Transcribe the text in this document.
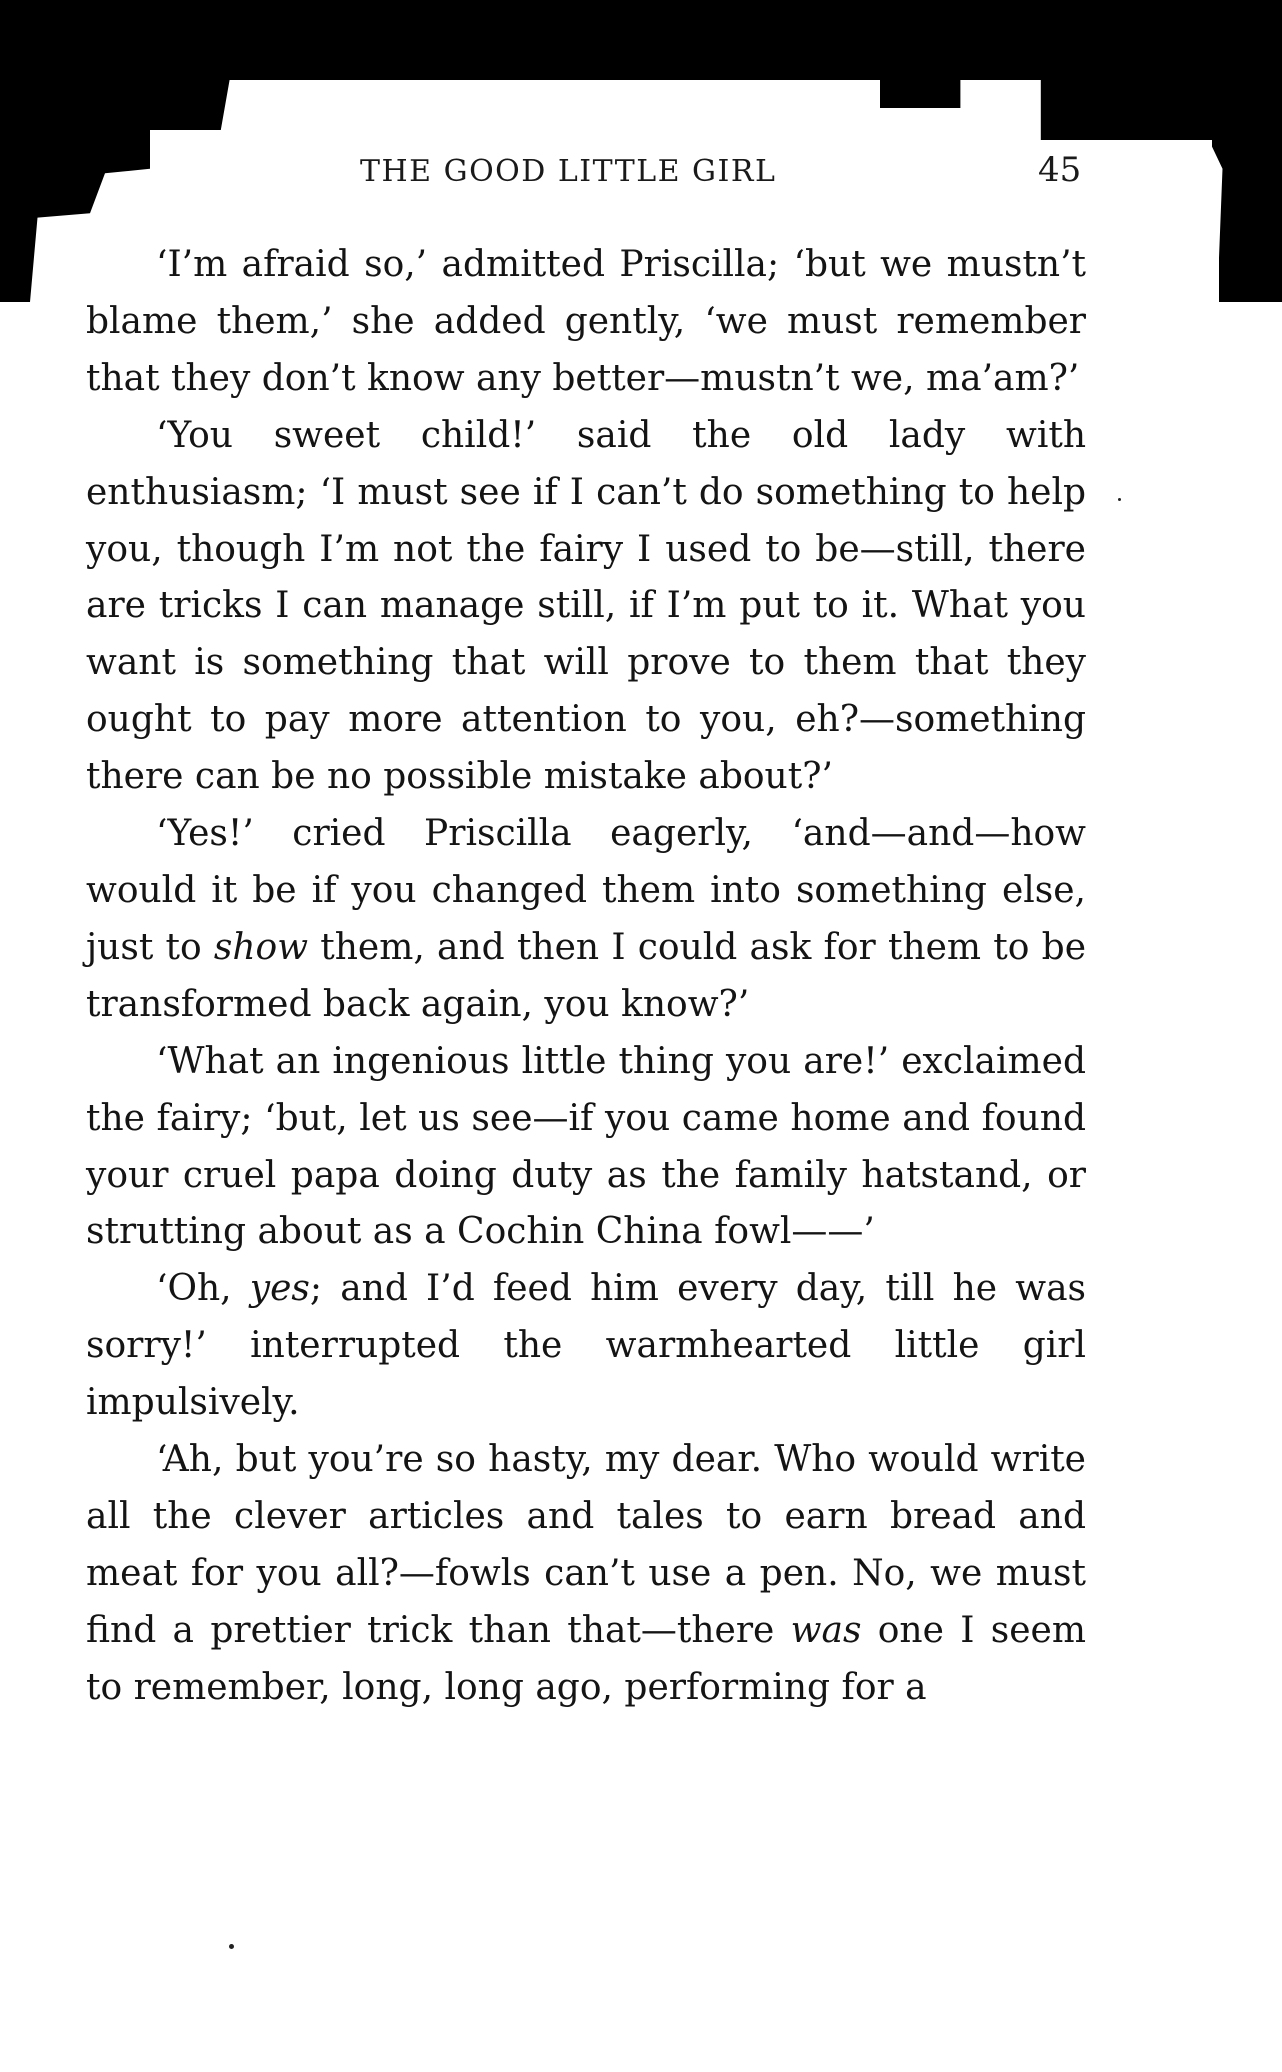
THE GOOD LITTLE GIRL	45

‘I’m afraid so,’ admitted Priscilla; ‘but we mustn’t blame them,’ she added gently, ‘we must remember that they don’t know any better—mustn’t we, ma’am?’

‘You sweet child!’ said the old lady with enthusiasm; ‘I must see if I can’t do something to help you, though I’m not the fairy I used to be—still, there are tricks I can manage still, if I’m put to it. What you want is something that will prove to them that they ought to pay more attention to you, eh?—something there can be no possible mistake about?’

‘Yes!’ cried Priscilla eagerly, ‘and—and—how would it be if you changed them into something else, just to show them, and then I could ask for them to be transformed back again, you know?’

‘What an ingenious little thing you are!’ exclaimed the fairy; ‘but, let us see—if you came home and found your cruel papa doing duty as the family hatstand, or strutting about as a Cochin China fowl——’

‘Oh, yes; and I’d feed him every day, till he was sorry!’ interrupted the warmhearted little girl impulsively.

‘Ah, but you’re so hasty, my dear. Who would write all the clever articles and tales to earn bread and meat for you all?—fowls can’t use a pen. No, we must find a prettier trick than that—there was one I seem to remember, long, long ago, performing for a
